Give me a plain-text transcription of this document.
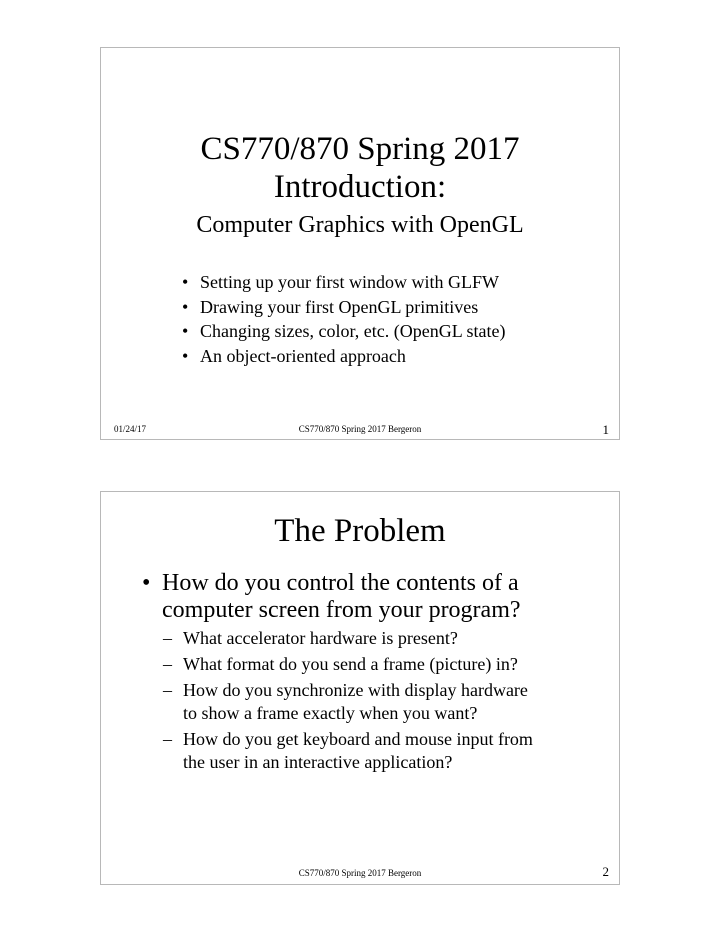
CS770/870 Spring 2017
Introduction:
Computer Graphics with OpenGL
• Setting up your first window with GLFW
• Drawing your first OpenGL primitives
• Changing sizes, color, etc. (OpenGL state)
• An object-oriented approach
01/24/17	CS770/870 Spring 2017 Bergeron	1
The Problem
• How do you control the contents of a
computer screen from your program?
– What accelerator hardware is present?
– What format do you send a frame (picture) in?
– How do you synchronize with display hardware
to show a frame exactly when you want?
– How do you get keyboard and mouse input from
the user in an interactive application?
CS770/870 Spring 2017 Bergeron	2
